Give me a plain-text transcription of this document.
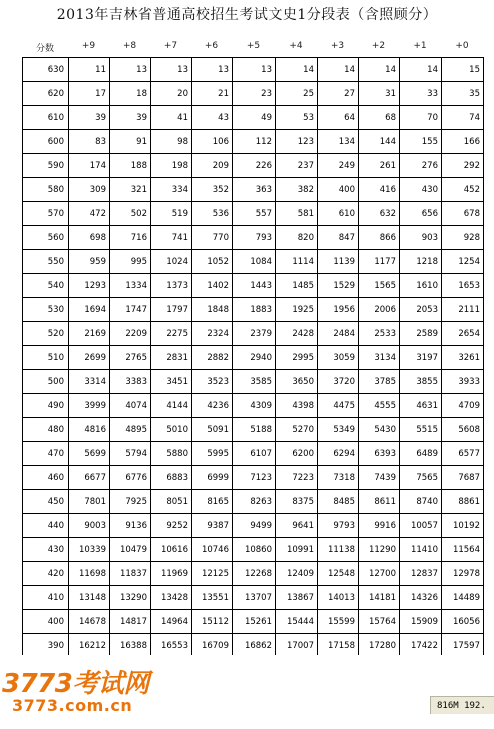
2013年吉林省普通高校招生考试文史1分段表（含照顾分）
分数	+9	+8	+7	+6	+5	+4	+3	+2	+1	+0
630	11	13	13	13	13	14	14	14	14	15
620	17	18	20	21	23	25	27	31	33	35
610	39	39	41	43	49	53	64	68	70	74
600	83	91	98	106	112	123	134	144	155	166
590	174	188	198	209	226	237	249	261	276	292
580	309	321	334	352	363	382	400	416	430	452
570	472	502	519	536	557	581	610	632	656	678
560	698	716	741	770	793	820	847	866	903	928
550	959	995	1024	1052	1084	1114	1139	1177	1218	1254
540	1293	1334	1373	1402	1443	1485	1529	1565	1610	1653
530	1694	1747	1797	1848	1883	1925	1956	2006	2053	2111
520	2169	2209	2275	2324	2379	2428	2484	2533	2589	2654
510	2699	2765	2831	2882	2940	2995	3059	3134	3197	3261
500	3314	3383	3451	3523	3585	3650	3720	3785	3855	3933
490	3999	4074	4144	4236	4309	4398	4475	4555	4631	4709
480	4816	4895	5010	5091	5188	5270	5349	5430	5515	5608
470	5699	5794	5880	5995	6107	6200	6294	6393	6489	6577
460	6677	6776	6883	6999	7123	7223	7318	7439	7565	7687
450	7801	7925	8051	8165	8263	8375	8485	8611	8740	8861
440	9003	9136	9252	9387	9499	9641	9793	9916	10057	10192
430	10339	10479	10616	10746	10860	10991	11138	11290	11410	11564
420	11698	11837	11969	12125	12268	12409	12548	12700	12837	12978
410	13148	13290	13428	13551	13707	13867	14013	14181	14326	14489
400	14678	14817	14964	15112	15261	15444	15599	15764	15909	16056
390	16212	16388	16553	16709	16862	17007	17158	17280	17422	17597
3773考试网
3773.com.cn	816M 192.
